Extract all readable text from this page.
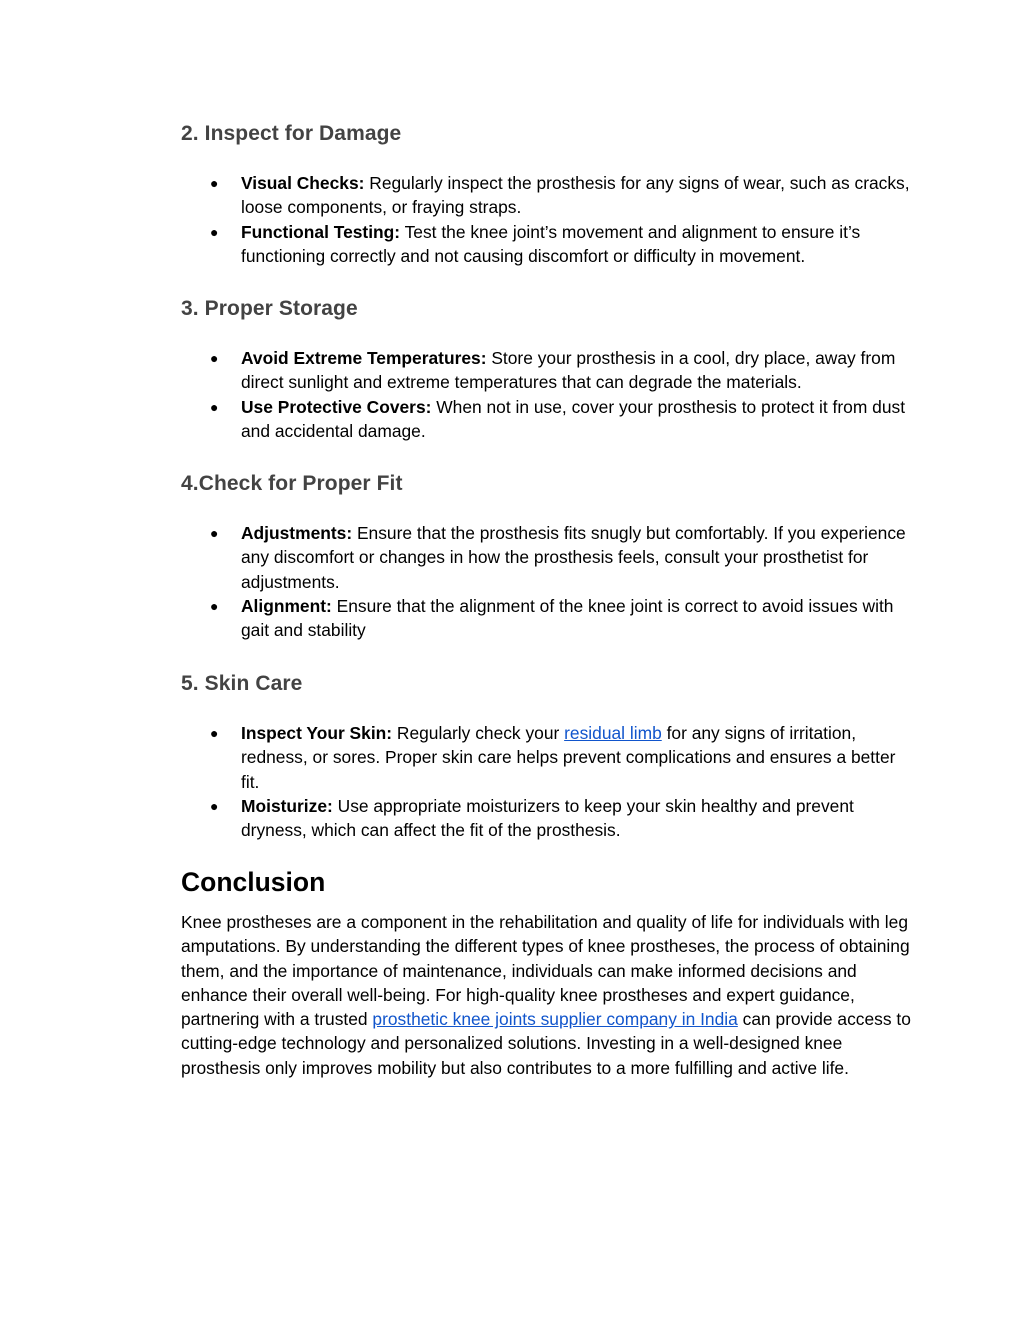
2. Inspect for Damage
● Visual Checks: Regularly inspect the prosthesis for any signs of wear, such as cracks, loose components, or fraying straps.
● Functional Testing: Test the knee joint’s movement and alignment to ensure it’s functioning correctly and not causing discomfort or difficulty in movement.
3. Proper Storage
● Avoid Extreme Temperatures: Store your prosthesis in a cool, dry place, away from direct sunlight and extreme temperatures that can degrade the materials.
● Use Protective Covers: When not in use, cover your prosthesis to protect it from dust and accidental damage.
4.Check for Proper Fit
● Adjustments: Ensure that the prosthesis fits snugly but comfortably. If you experience any discomfort or changes in how the prosthesis feels, consult your prosthetist for adjustments.
● Alignment: Ensure that the alignment of the knee joint is correct to avoid issues with gait and stability
5. Skin Care
● Inspect Your Skin: Regularly check your residual limb for any signs of irritation, redness, or sores. Proper skin care helps prevent complications and ensures a better fit.
● Moisturize: Use appropriate moisturizers to keep your skin healthy and prevent dryness, which can affect the fit of the prosthesis.
Conclusion

Knee prostheses are a component in the rehabilitation and quality of life for individuals with leg amputations. By understanding the different types of knee prostheses, the process of obtaining them, and the importance of maintenance, individuals can make informed decisions and enhance their overall well-being. For high-quality knee prostheses and expert guidance, partnering with a trusted prosthetic knee joints supplier company in India can provide access to cutting-edge technology and personalized solutions. Investing in a well-designed knee prosthesis only improves mobility but also contributes to a more fulfilling and active life.
